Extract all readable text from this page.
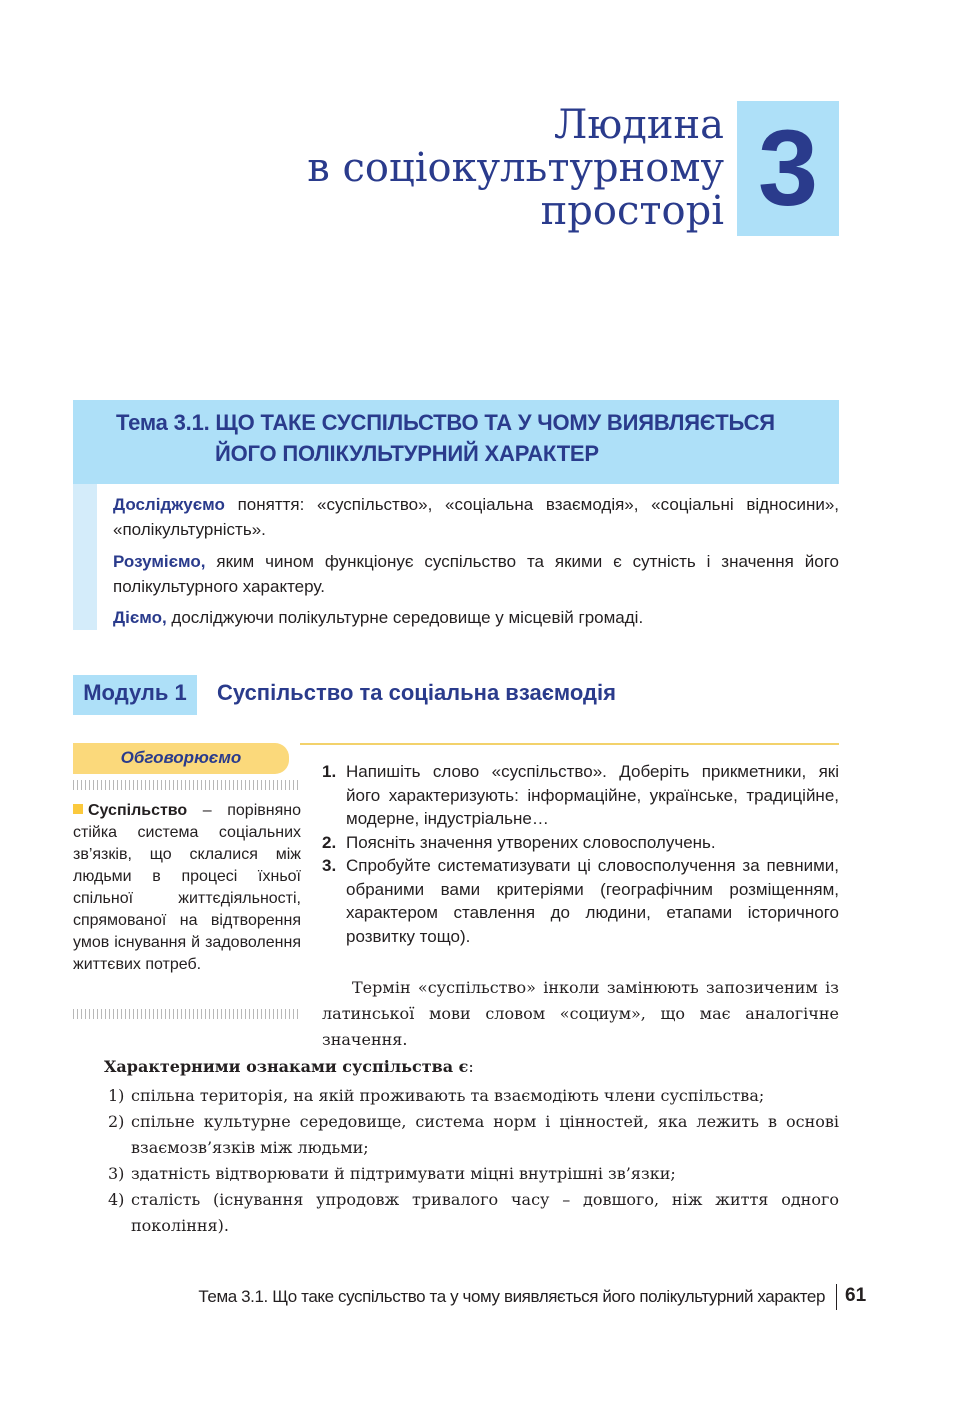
Людина
в соціокультурному
просторі 3
Тема 3.1. ЩО ТАКЕ СУСПІЛЬСТВО ТА У ЧОМУ ВИЯВЛЯЄТЬСЯ
ЙОГО ПОЛІКУЛЬТУРНИЙ ХАРАКТЕР

Досліджуємо поняття: «суспільство», «соціальна взаємодія», «соціальні відносини», «полікультурність».

Розуміємо, яким чином функціонує суспільство та якими є сутність і значення його полікультурного характеру.

Діємо, досліджуючи полікультурне середовище у місцевій громаді.

Модуль 1	Суспільство та соціальна взаємодія
Обговорюємо
Суспільство – порівняно стійка система соціальних зв’язків, що склалися між людьми в процесі їхньої спільної життєдіяльності, спрямованої на відтворення умов існування й задоволення життєвих потреб.

1. Напишіть слово «суспільство». Доберіть прикметники, які його характеризують: інформаційне, українське, традиційне, модерне, індустріальне…

2. Поясніть значення утворених словосполучень.

3. Спробуйте систематизувати ці словосполучення за певними, обраними вами критеріями (географічним розміщенням, характером ставлення до людини, етапами історичного розвитку тощо).

Термін «суспільство» інколи замінюють запозиченим із латинської мови словом «социум», що має аналогічне значення.

Характерними ознаками суспільства є:
1) спільна територія, на якій проживають та взаємодіють члени суспільства;
2) спільне культурне середовище, система норм і цінностей, яка лежить в основі взаємозв’язків між людьми;
3) здатність відтворювати й підтримувати міцні внутрішні зв’язки;
4) сталість (існування упродовж тривалого часу – довшого, ніж життя одного покоління).
Тема 3.1. Що таке суспільство та у чому виявляється його полікультурний характер 61
